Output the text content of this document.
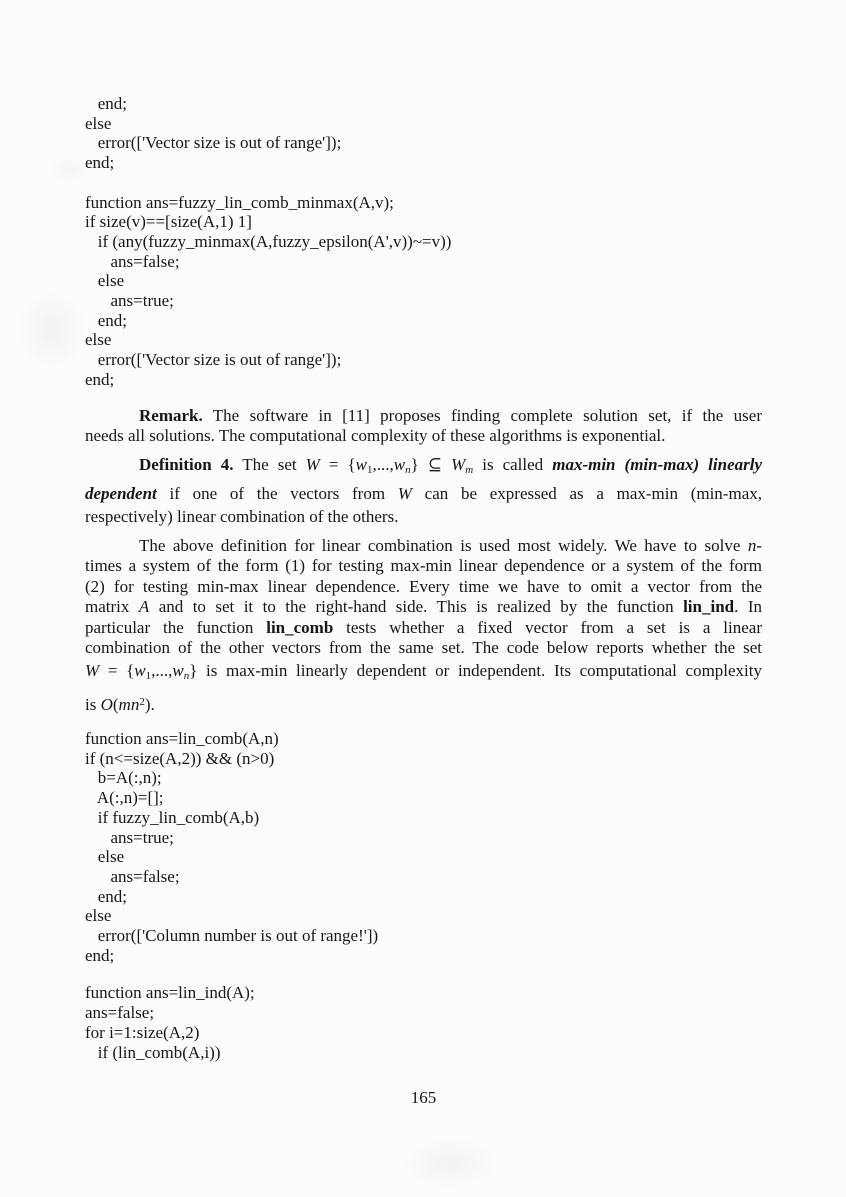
end;
else
error(['Vector size is out of range']);
end;

function ans=fuzzy_lin_comb_minmax(A,v);
if size(v)==[size(A,1) 1]
if (any(fuzzy_minmax(A,fuzzy_epsilon(A',v))~=v))
ans=false;
else
ans=true;
end;
else
error(['Vector size is out of range']);
end;
Remark. The software in [11] proposes finding complete solution set, if the user
needs all solutions. The computational complexity of these algorithms is exponential.
Definition 4. The set $W = \{w_1,...,wn\}$ ⊆ Wm is called max-min (min-max) linearly
dependent if one of the vectors from W can be expressed as a max-min (min-max,
respectively) linear combination of the others.
The above definition for linear combination is used most widely. We have to solve n-
times a system of the form (1) for testing max-min linear dependence or a system of the form
(2) for testing min-max linear dependence. Every time we have to omit a vector from the
matrix A and to set it to the right-hand side. This is realized by the function lin_ind. In
particular the function lin_comb tests whether a fixed vector from a set is a linear
combination of the other vectors from the same set. The code below reports whether the set
$W = \{w_1,...,wn\}$ is max-min linearly dependent or independent. Its computational complexity
is $O(mn^2)$.
function ans=lin_comb(A,n)
if (n<=size(A,2)) && (n>0)
b=A(:,n);
A(:,n)=[];
if fuzzy_lin_comb(A,b)
ans=true;
else
ans=false;
end;
else
error(['Column number is out of range!'])
end;
function ans=lin_ind(A);
ans=false;
for i=1:size(A,2)
if (lin_comb(A,i))
165
